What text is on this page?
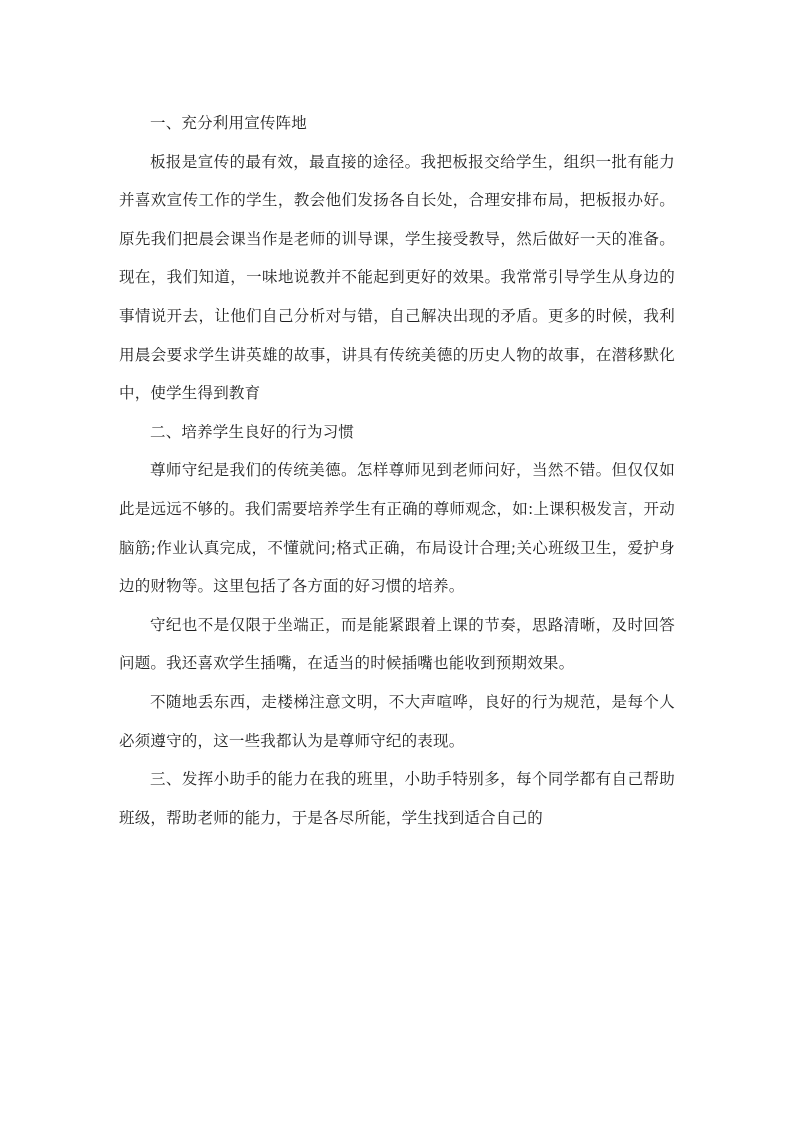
一、充分利用宣传阵地

板报是宣传的最有效，最直接的途径。我把板报交给学生，组织一批有能力并喜欢宣传工作的学生，教会他们发扬各自长处，合理安排布局，把板报办好。原先我们把晨会课当作是老师的训导课，学生接受教导，然后做好一天的准备。现在，我们知道，一味地说教并不能起到更好的效果。我常常引导学生从身边的事情说开去，让他们自己分析对与错，自己解决出现的矛盾。更多的时候，我利用晨会要求学生讲英雄的故事，讲具有传统美德的历史人物的故事，在潜移默化中，使学生得到教育

二、培养学生良好的行为习惯

尊师守纪是我们的传统美德。怎样尊师见到老师问好，当然不错。但仅仅如此是远远不够的。我们需要培养学生有正确的尊师观念，如:上课积极发言，开动脑筋;作业认真完成，不懂就问;格式正确，布局设计合理;关心班级卫生，爱护身边的财物等。这里包括了各方面的好习惯的培养。

守纪也不是仅限于坐端正，而是能紧跟着上课的节奏，思路清晰，及时回答问题。我还喜欢学生插嘴，在适当的时候插嘴也能收到预期效果。

不随地丢东西，走楼梯注意文明，不大声喧哗，良好的行为规范，是每个人必须遵守的，这一些我都认为是尊师守纪的表现。

三、发挥小助手的能力在我的班里，小助手特别多，每个同学都有自己帮助班级，帮助老师的能力，于是各尽所能，学生找到适合自己的
